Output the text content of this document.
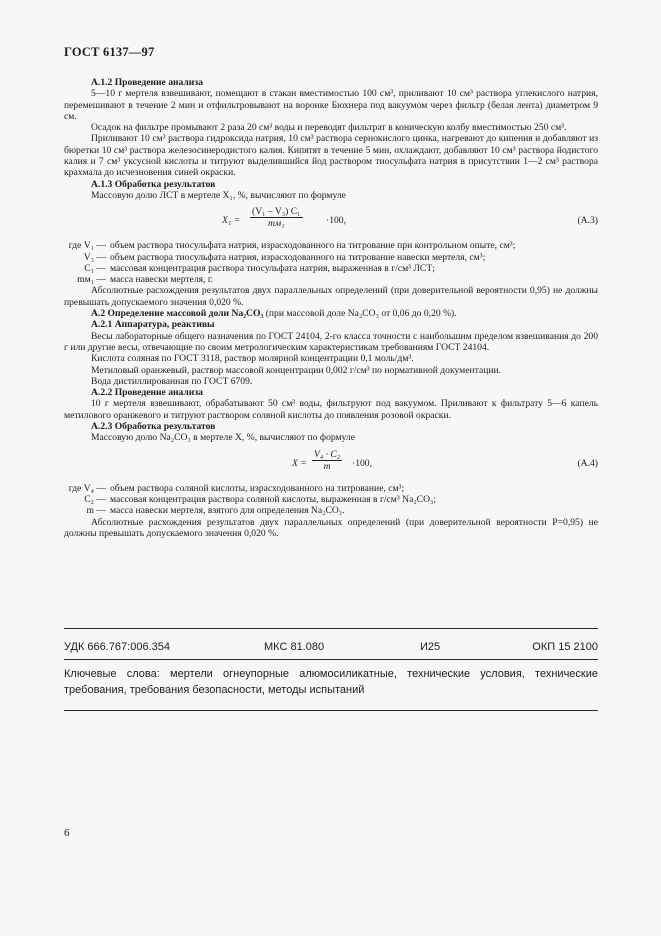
ГОСТ 6137—97

А.1.2 Проведение анализа

5—10 г мертеля взвешивают, помещают в стакан вместимостью 100 см³, приливают 10 см³ раствора углекислого натрия, перемешивают в течение 2 мин и отфильтровывают на воронке Бюхнера под вакуумом через фильтр (белая лента) диаметром 9 см.

Осадок на фильтре промывают 2 раза 20 см³ воды и переводят фильтрат в коническую колбу вместимостью 250 см³.

Приливают 10 см³ раствора гидроксида натрия, 10 см³ раствора сернокислого цинка, нагревают до кипения и добавляют из бюретки 10 см³ раствора железосинеродистого калия. Кипятят в течение 5 мин, охлаждают, добавляют 10 см³ раствора йодистого калия и 7 см³ уксусной кислоты и титруют выделившийся йод раствором тиосульфата натрия в присутствии 1—2 см³ раствора крахмала до исчезновения синей окраски.

А.1.3 Обработка результатов

Массовую долю ЛСТ в мертеле X₁, %, вычисляют по формуле

X₁ =
(V₁ – V₃) C₁
mм₁	·100,	(А.3)
где V₁ — объем раствора тиосульфата натрия, израсходованного на титрование при контрольном опыте, см³;
V₃ — объем раствора тиосульфата натрия, израсходованного на титрование навески мертеля, см³;
C₁ — массовая концентрация раствора тиосульфата натрия, выраженная в г/см³ ЛСТ;
mм₁ — масса навески мертеля, г.

Абсолютные расхождения результатов двух параллельных определений (при доверительной вероятности 0,95) не должны превышать допускаемого значения 0,020 %.

А.2 Определение массовой доли Na₂CO₃ (при массовой доле Na₂CO₃ от 0,06 до 0,20 %).

А.2.1 Аппаратура, реактивы

Весы лабораторные общего назначения по ГОСТ 24104, 2-го класса точности с наибольшим пределом взвешивания до 200 г или другие весы, отвечающие по своим метрологическим характеристикам требованиям ГОСТ 24104.

Кислота соляная по ГОСТ 3118, раствор молярной концентрации 0,1 моль/дм³.

Метиловый оранжевый, раствор массовой концентрации 0,002 г/см³ по нормативной документации.

Вода дистиллированная по ГОСТ 6709.

А.2.2 Проведение анализа

10 г мертеля взвешивают, обрабатывают 50 см³ воды, фильтруют под вакуумом. Приливают к фильтрату 5—6 капель метилового оранжевого и титруют раствором соляной кислоты до появления розовой окраски.

А.2.3 Обработка результатов

Массовую долю Na₂CO₃ в мертеле X, %, вычисляют по формуле

$X = \frac{\text{V₄ · C₂}}{m} \cdot 100$,	(А.4)
где V₄ — объем раствора соляной кислоты, израсходованного на титрование, см³;
C₂ — массовая концентрация раствора соляной кислоты, выраженная в г/см³ Na₂CO₃;
m — масса навески мертеля, взятого для определения Na₂CO₃.

Абсолютные расхождения результатов двух параллельных определений (при доверительной вероятности P=0,95) не должны превышать допускаемого значения 0,020 %.

УДК 666.767:006.354	МКС 81.080	И25	ОКП 15 2100
Ключевые слова: мертели огнеупорные алюмосиликатные, технические условия, технические требования, требования безопасности, методы испытаний
6
